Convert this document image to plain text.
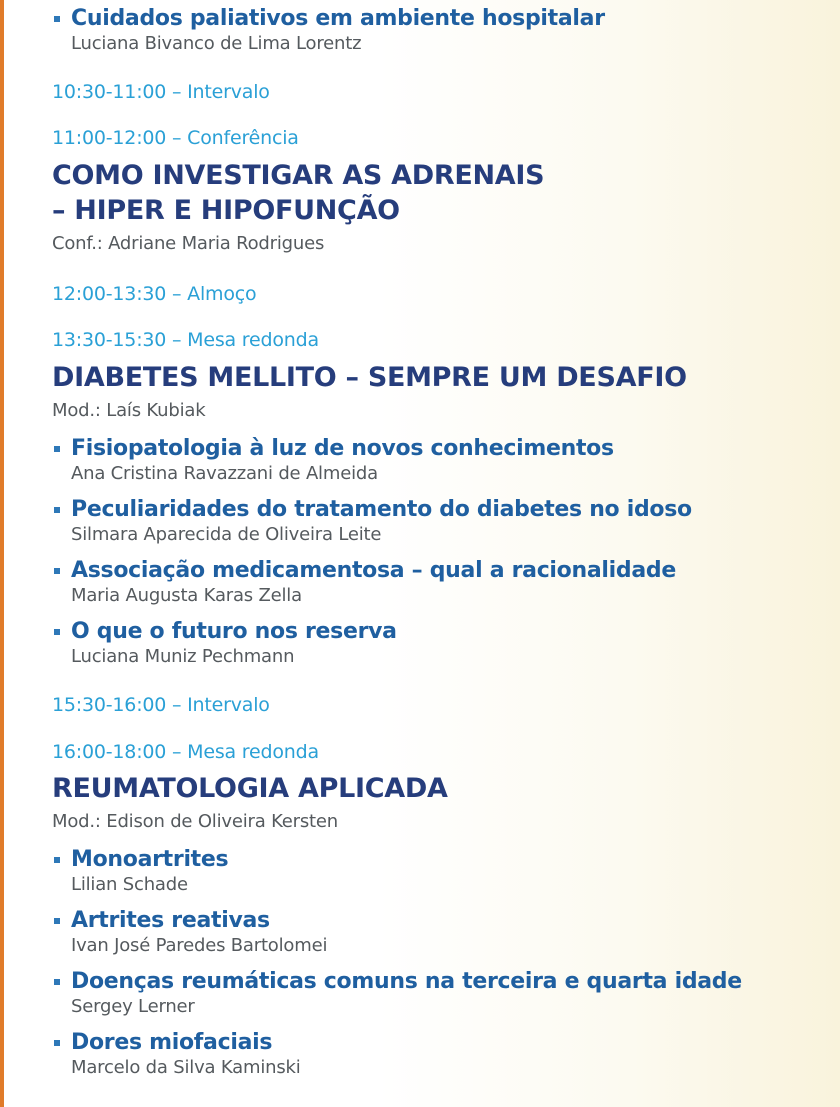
Cuidados paliativos em ambiente hospitalar
Luciana Bivanco de Lima Lorentz
10:30-11:00 – Intervalo
11:00-12:00 – Conferência
COMO INVESTIGAR AS ADRENAIS
– HIPER E HIPOFUNÇÃO
Conf.: Adriane Maria Rodrigues
12:00-13:30 – Almoço
13:30-15:30 – Mesa redonda
DIABETES MELLITO – SEMPRE UM DESAFIO
Mod.: Laís Kubiak
Fisiopatologia à luz de novos conhecimentos
Ana Cristina Ravazzani de Almeida
Peculiaridades do tratamento do diabetes no idoso
Silmara Aparecida de Oliveira Leite
Associação medicamentosa – qual a racionalidade
Maria Augusta Karas Zella
O que o futuro nos reserva
Luciana Muniz Pechmann
15:30-16:00 – Intervalo
16:00-18:00 – Mesa redonda
REUMATOLOGIA APLICADA
Mod.: Edison de Oliveira Kersten
Monoartrites
Lilian Schade
Artrites reativas
Ivan José Paredes Bartolomei
Doenças reumáticas comuns na terceira e quarta idade
Sergey Lerner
Dores miofaciais
Marcelo da Silva Kaminski
